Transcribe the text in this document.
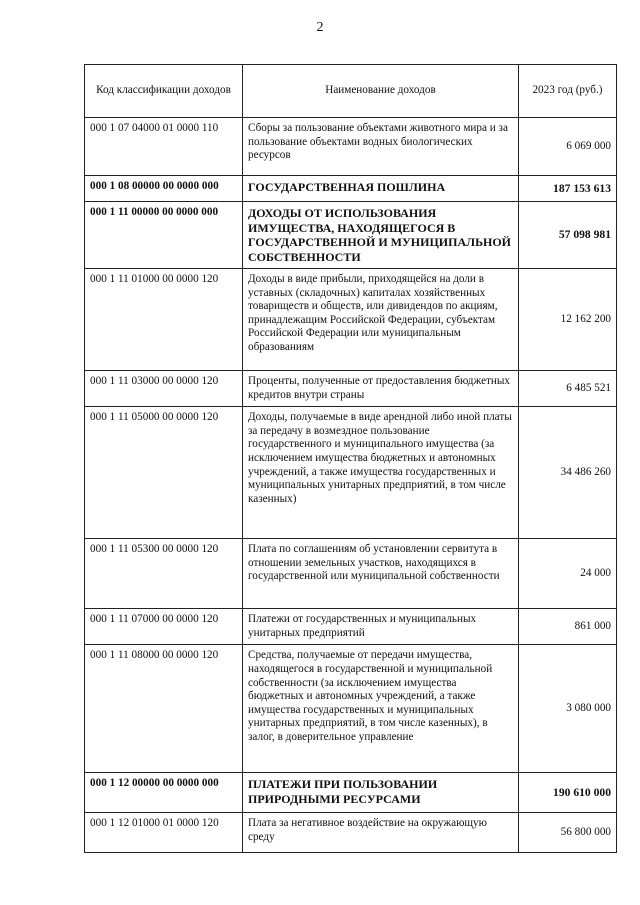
2
Код классификации доходов	Наименование доходов	2023 год (руб.)
000 1 07 04000 01 0000 110	Сборы за пользование объектами животного мира и за пользование объектами водных биологических ресурсов	6 069 000
000 1 08 00000 00 0000 000	ГОСУДАРСТВЕННАЯ ПОШЛИНА	187 153 613
000 1 11 00000 00 0000 000	ДОХОДЫ ОТ ИСПОЛЬЗОВАНИЯ ИМУЩЕСТВА, НАХОДЯЩЕГОСЯ В ГОСУДАРСТВЕННОЙ И МУНИЦИПАЛЬНОЙ СОБСТВЕННОСТИ	57 098 981
000 1 11 01000 00 0000 120	Доходы в виде прибыли, приходящейся на доли в уставных (складочных) капиталах хозяйственных товариществ и обществ, или дивидендов по акциям, принадлежащим Российской Федерации, субъектам Российской Федерации или муниципальным образованиям	12 162 200
000 1 11 03000 00 0000 120	Проценты, полученные от предоставления бюджетных кредитов внутри страны	6 485 521
000 1 11 05000 00 0000 120	Доходы, получаемые в виде арендной либо иной платы за передачу в возмездное пользование государственного и муниципального имущества (за исключением имущества бюджетных и автономных учреждений, а также имущества государственных и муниципальных унитарных предприятий, в том числе казенных)	34 486 260
000 1 11 05300 00 0000 120	Плата по соглашениям об установлении сервитута в отношении земельных участков, находящихся в государственной или муниципальной собственности	24 000
000 1 11 07000 00 0000 120	Платежи от государственных и муниципальных унитарных предприятий	861 000
000 1 11 08000 00 0000 120	Средства, получаемые от передачи имущества, находящегося в государственной и муниципальной собственности (за исключением имущества бюджетных и автономных учреждений, а также имущества государственных и муниципальных унитарных предприятий, в том числе казенных), в залог, в доверительное управление	3 080 000
000 1 12 00000 00 0000 000	ПЛАТЕЖИ ПРИ ПОЛЬЗОВАНИИ ПРИРОДНЫМИ РЕСУРСАМИ	190 610 000
000 1 12 01000 01 0000 120	Плата за негативное воздействие на окружающую среду	56 800 000
